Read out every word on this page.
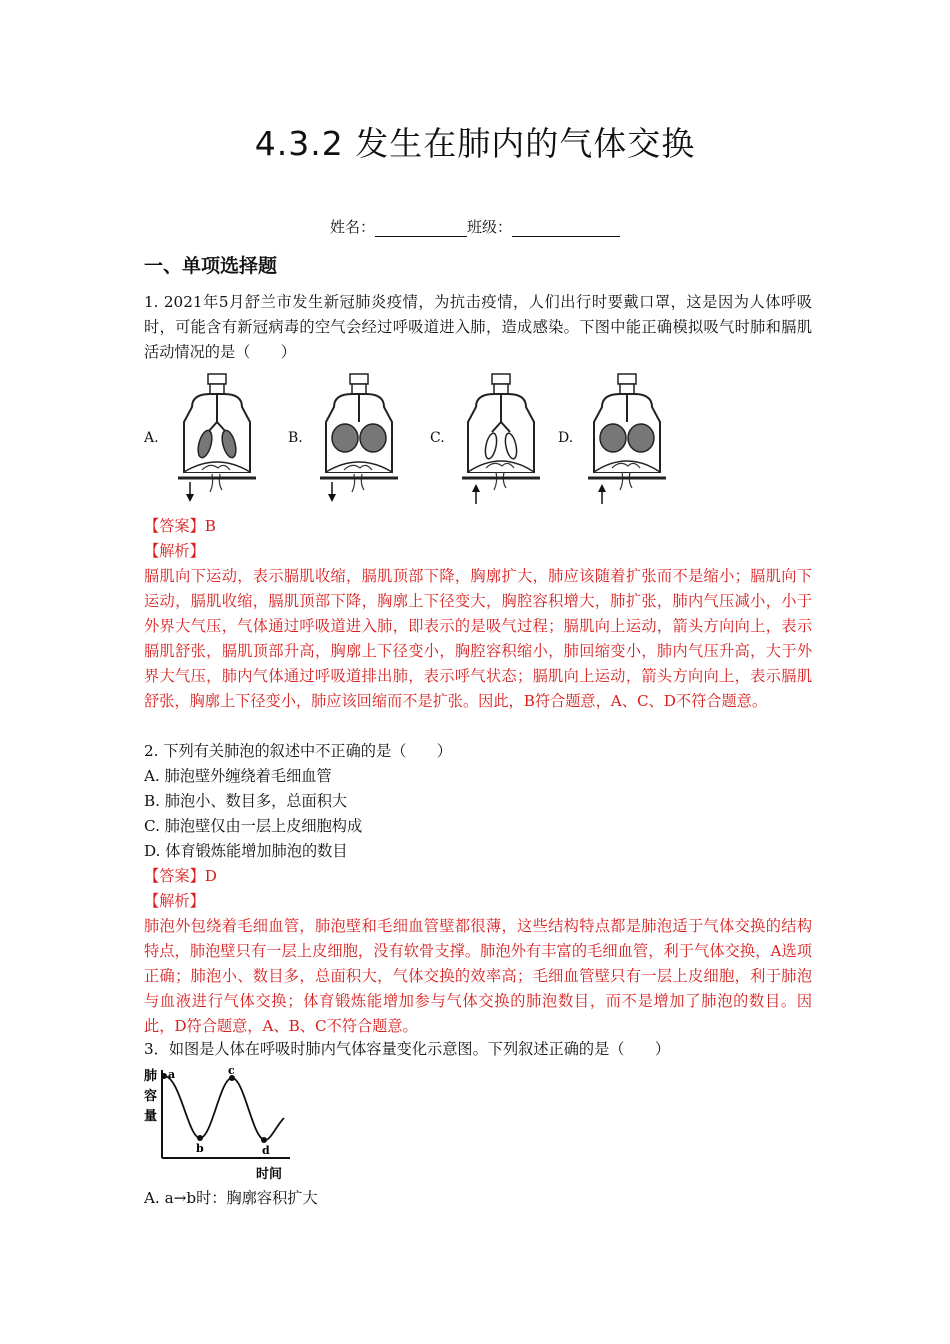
4.3.2 发生在肺内的气体交换
姓名：	班级：
一、单项选择题

1. 2021年5月舒兰市发生新冠肺炎疫情，为抗击疫情，人们出行时要戴口罩，这是因为人体呼吸时，可能含有新冠病毒的空气会经过呼吸道进入肺，造成感染。下图中能正确模拟吸气时肺和膈肌活动情况的是（　　）

A.	B.	C.	D.

【答案】B

【解析】

膈肌向下运动，表示膈肌收缩，膈肌顶部下降，胸廓扩大，肺应该随着扩张而不是缩小；膈肌向下运动，膈肌收缩，膈肌顶部下降，胸廓上下径变大，胸腔容积增大，肺扩张，肺内气压减小，小于外界大气压，气体通过呼吸道进入肺，即表示的是吸气过程；膈肌向上运动，箭头方向向上，表示膈肌舒张，膈肌顶部升高，胸廓上下径变小，胸腔容积缩小，肺回缩变小，肺内气压升高，大于外界大气压，肺内气体通过呼吸道排出肺，表示呼气状态；膈肌向上运动，箭头方向向上，表示膈肌舒张，胸廓上下径变小，肺应该回缩而不是扩张。因此，B符合题意，A、C、D不符合题意。

2. 下列有关肺泡的叙述中不正确的是（　　）

A. 肺泡壁外缠绕着毛细血管

B. 肺泡小、数目多，总面积大

C. 肺泡壁仅由一层上皮细胞构成

D. 体育锻炼能增加肺泡的数目

【答案】D

【解析】

肺泡外包绕着毛细血管，肺泡壁和毛细血管壁都很薄，这些结构特点都是肺泡适于气体交换的结构特点，肺泡壁只有一层上皮细胞，没有软骨支撑。肺泡外有丰富的毛细血管，利于气体交换，A选项正确；肺泡小、数目多，总面积大，气体交换的效率高；毛细血管壁只有一层上皮细胞，利于肺泡与血液进行气体交换；体育锻炼能增加参与气体交换的肺泡数目，而不是增加了肺泡的数目。因此，D符合题意，A、B、C不符合题意。

3．如图是人体在呼吸时肺内气体容量变化示意图。下列叙述正确的是（　　）

肺
容
量
a
b
c
d
时间

A. a→b时：胸廓容积扩大
